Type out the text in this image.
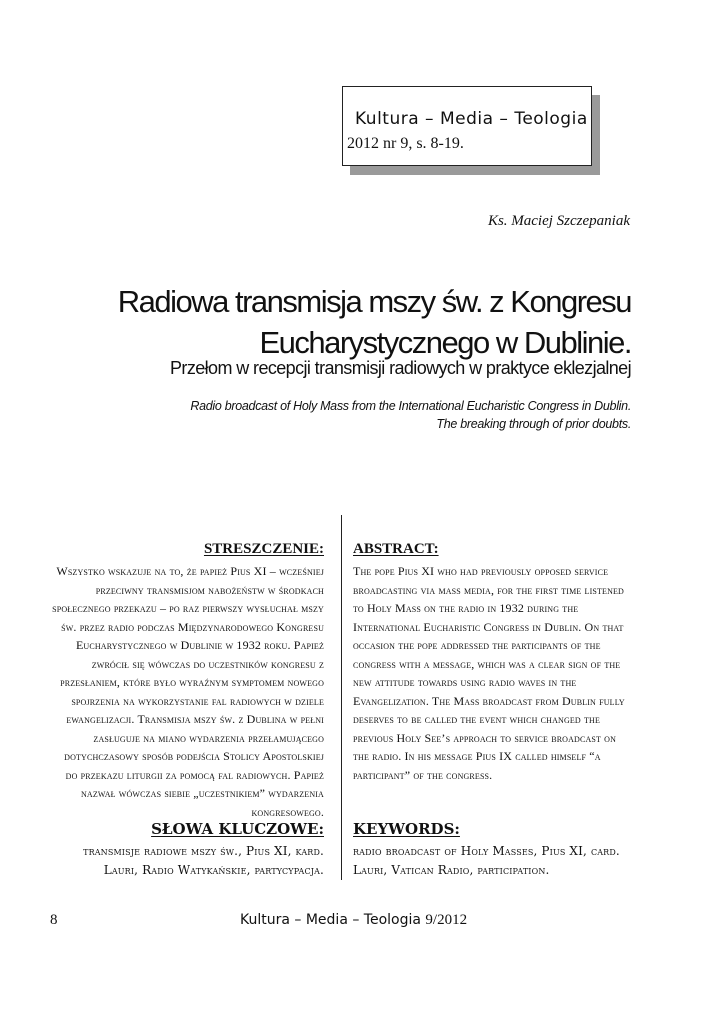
Kultura – Media – Teologia
2012 nr 9, s. 8-19.
Ks. Maciej Szczepaniak
Radiowa transmisja mszy św. z Kongresu
Eucharystycznego w Dublinie.
Przełom w recepcji transmisji radiowych w praktyce eklezjalnej
Radio broadcast of Holy Mass from the International Eucharistic Congress in Dublin.
The breaking through of prior doubts.

STRESZCZENIE:

Wszystko wskazuje na to, że papież Pius XI – wcześniej przeciwny transmisjom nabożeństw w środkach społecznego przekazu – po raz pierwszy wysłuchał mszy św. przez radio podczas Międzynarodowego Kongresu Eucharystycznego w Dublinie w 1932 roku. Papież zwrócił się wówczas do uczestników kongresu z przesłaniem, które było wyraźnym symptomem nowego spojrzenia na wykorzystanie fal radiowych w dziele ewangelizacji. Transmisja mszy św. z Dublina w pełni zasługuje na miano wydarzenia przełamującego dotychczasowy sposób podejścia Stolicy Apostolskiej do przekazu liturgii za pomocą fal radiowych. Papież nazwał wówczas siebie „uczestnikiem” wydarzenia kongresowego.

ABSTRACT:

The pope Pius XI who had previously opposed service broadcasting via mass media, for the first time listened to Holy Mass on the radio in 1932 during the International Eucharistic Congress in Dublin. On that occasion the pope addressed the participants of the congress with a message, which was a clear sign of the new attitude towards using radio waves in the Evangelization. The Mass broadcast from Dublin fully deserves to be called the event which changed the previous Holy See’s approach to service broadcast on the radio. In his message Pius IX called himself “a participant” of the congress.

SŁOWA KLUCZOWE:

transmisje radiowe mszy św., Pius XI, kard. Lauri, Radio Watykańskie, partycypacja.

KEYWORDS:

radio broadcast of Holy Masses, Pius XI, card. Lauri, Vatican Radio, participation.

8	Kultura – Media – Teologia 9/2012
